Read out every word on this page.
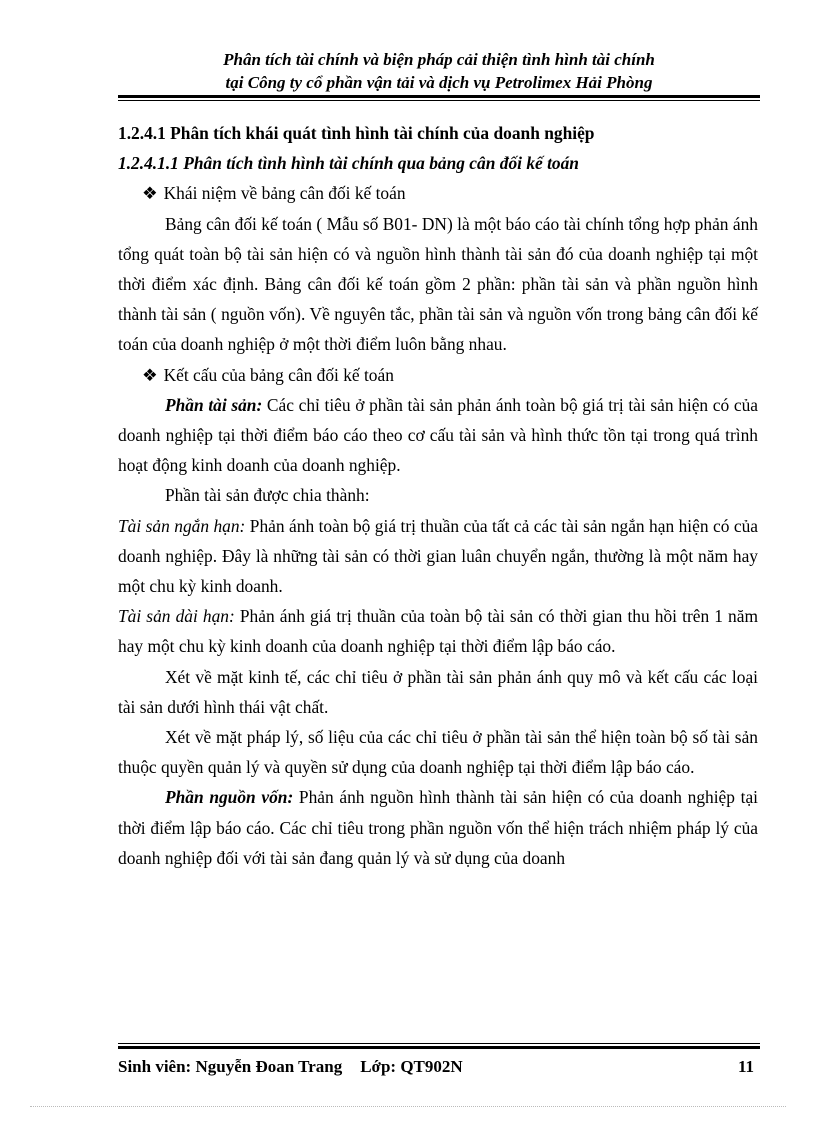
Phân tích tài chính và biện pháp cải thiện tình hình tài chính
tại Công ty cổ phần vận tải và dịch vụ Petrolimex Hải Phòng

1.2.4.1 Phân tích khái quát tình hình tài chính của doanh nghiệp

1.2.4.1.1 Phân tích tình hình tài chính qua bảng cân đối kế toán

❖ Khái niệm về bảng cân đối kế toán

Bảng cân đối kế toán ( Mẫu số B01- DN) là một báo cáo tài chính tổng hợp phản ánh tổng quát toàn bộ tài sản hiện có và nguồn hình thành tài sản đó của doanh nghiệp tại một thời điểm xác định. Bảng cân đối kế toán gồm 2 phần: phần tài sản và phần nguồn hình thành tài sản ( nguồn vốn). Về nguyên tắc, phần tài sản và nguồn vốn trong bảng cân đối kế toán của doanh nghiệp ở một thời điểm luôn bằng nhau.

❖ Kết cấu của bảng cân đối kế toán

Phần tài sản: Các chỉ tiêu ở phần tài sản phản ánh toàn bộ giá trị tài sản hiện có của doanh nghiệp tại thời điểm báo cáo theo cơ cấu tài sản và hình thức tồn tại trong quá trình hoạt động kinh doanh của doanh nghiệp.

Phần tài sản được chia thành:

Tài sản ngắn hạn: Phản ánh toàn bộ giá trị thuần của tất cả các tài sản ngắn hạn hiện có của doanh nghiệp. Đây là những tài sản có thời gian luân chuyển ngắn, thường là một năm hay một chu kỳ kinh doanh.

Tài sản dài hạn: Phản ánh giá trị thuần của toàn bộ tài sản có thời gian thu hồi trên 1 năm hay một chu kỳ kinh doanh của doanh nghiệp tại thời điểm lập báo cáo.

Xét về mặt kinh tế, các chỉ tiêu ở phần tài sản phản ánh quy mô và kết cấu các loại tài sản dưới hình thái vật chất.

Xét về mặt pháp lý, số liệu của các chỉ tiêu ở phần tài sản thể hiện toàn bộ số tài sản thuộc quyền quản lý và quyền sử dụng của doanh nghiệp tại thời điểm lập báo cáo.

Phần nguồn vốn: Phản ánh nguồn hình thành tài sản hiện có của doanh nghiệp tại thời điểm lập báo cáo. Các chỉ tiêu trong phần nguồn vốn thể hiện trách nhiệm pháp lý của doanh nghiệp đối với tài sản đang quản lý và sử dụng của doanh

Sinh viên: Nguyễn Đoan Trang Lớp: QT902N	11
